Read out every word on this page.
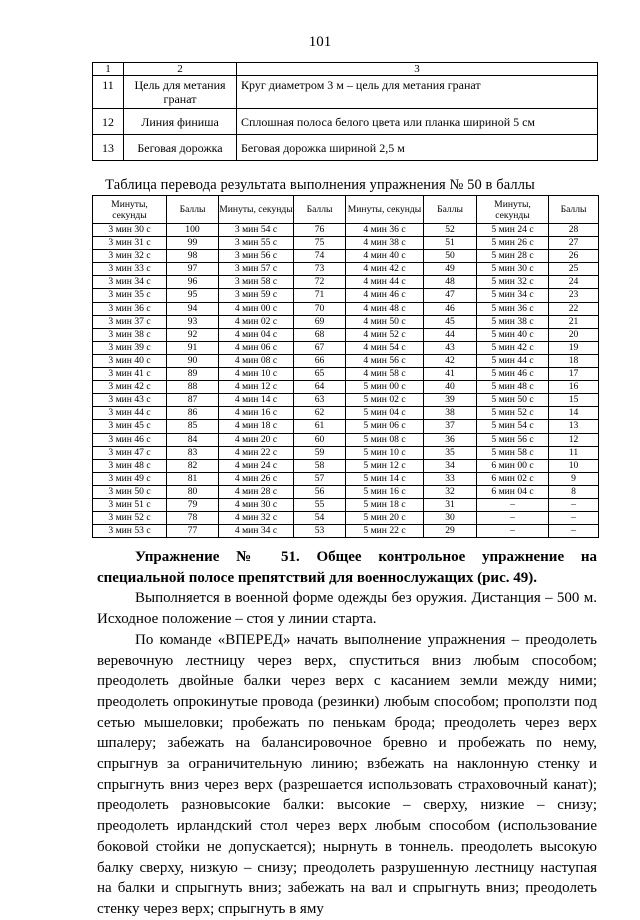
101
1	2	3
11	Цель для метания гранат	Круг диаметром 3 м – цель для метания гранат
12	Линия финиша	Сплошная полоса белого цвета или планка шириной 5 см
13	Беговая дорожка	Беговая дорожка шириной 2,5 м
Таблица перевода результата выполнения упражнения № 50 в баллы
Минуты, секунды	Баллы	Минуты, секунды	Баллы	Минуты, секунды	Баллы	Минуты, секунды	Баллы
3 мин 30 с	100	3 мин 54 с	76	4 мин 36 с	52	5 мин 24 с	28
3 мин 31 с	99	3 мин 55 с	75	4 мин 38 с	51	5 мин 26 с	27
3 мин 32 с	98	3 мин 56 с	74	4 мин 40 с	50	5 мин 28 с	26
3 мин 33 с	97	3 мин 57 с	73	4 мин 42 с	49	5 мин 30 с	25
3 мин 34 с	96	3 мин 58 с	72	4 мин 44 с	48	5 мин 32 с	24
3 мин 35 с	95	3 мин 59 с	71	4 мин 46 с	47	5 мин 34 с	23
3 мин 36 с	94	4 мин 00 с	70	4 мин 48 с	46	5 мин 36 с	22
3 мин 37 с	93	4 мин 02 с	69	4 мин 50 с	45	5 мин 38 с	21
3 мин 38 с	92	4 мин 04 с	68	4 мин 52 с	44	5 мин 40 с	20
3 мин 39 с	91	4 мин 06 с	67	4 мин 54 с	43	5 мин 42 с	19
3 мин 40 с	90	4 мин 08 с	66	4 мин 56 с	42	5 мин 44 с	18
3 мин 41 с	89	4 мин 10 с	65	4 мин 58 с	41	5 мин 46 с	17
3 мин 42 с	88	4 мин 12 с	64	5 мин 00 с	40	5 мин 48 с	16
3 мин 43 с	87	4 мин 14 с	63	5 мин 02 с	39	5 мин 50 с	15
3 мин 44 с	86	4 мин 16 с	62	5 мин 04 с	38	5 мин 52 с	14
3 мин 45 с	85	4 мин 18 с	61	5 мин 06 с	37	5 мин 54 с	13
3 мин 46 с	84	4 мин 20 с	60	5 мин 08 с	36	5 мин 56 с	12
3 мин 47 с	83	4 мин 22 с	59	5 мин 10 с	35	5 мин 58 с	11
3 мин 48 с	82	4 мин 24 с	58	5 мин 12 с	34	6 мин 00 с	10
3 мин 49 с	81	4 мин 26 с	57	5 мин 14 с	33	6 мин 02 с	9
3 мин 50 с	80	4 мин 28 с	56	5 мин 16 с	32	6 мин 04 с	8
3 мин 51 с	79	4 мин 30 с	55	5 мин 18 с	31	–	–
3 мин 52 с	78	4 мин 32 с	54	5 мин 20 с	30	–	–
3 мин 53 с	77	4 мин 34 с	53	5 мин 22 с	29	–	–

Упражнение № 51. Общее контрольное упражнение на специальной полосе препятствий для военнослужащих (рис. 49).

Выполняется в военной форме одежды без оружия. Дистанция – 500 м. Исходное положение – стоя у линии старта.

По команде «ВПЕРЕД» начать выполнение упражнения – преодолеть веревочную лестницу через верх, спуститься вниз любым способом; преодолеть двойные балки через верх с касанием земли между ними; преодолеть опрокинутые провода (резинки) любым способом; проползти под сетью мышеловки; пробежать по пенькам брода; преодолеть через верх шпалеру; забежать на балансировочное бревно и пробежать по нему, спрыгнув за ограничительную линию; взбежать на наклонную стенку и спрыгнуть вниз через верх (разрешается использовать страховочный канат); преодолеть разновысокие балки: высокие – сверху, низкие – снизу; преодолеть ирландский стол через верх любым способом (использование боковой стойки не допускается); нырнуть в тоннель. преодолеть высокую балку сверху, низкую – снизу; преодолеть разрушенную лестницу наступая на балки и спрыгнуть вниз; забежать на вал и спрыгнуть вниз; преодолеть стенку через верх; спрыгнуть в яму
